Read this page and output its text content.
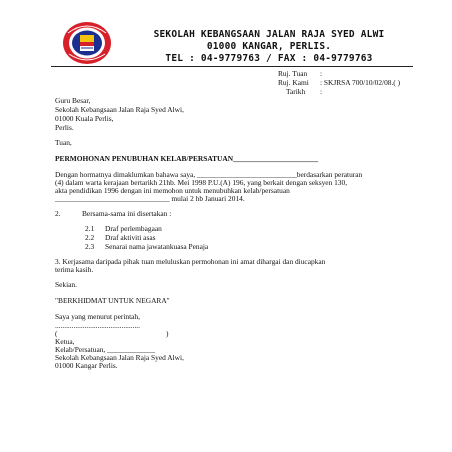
SEKOLAH KEBANGSAAN JALAN RAJA SYED ALWI
01000 KANGAR, PERLIS.
TEL : 04-9779763 / FAX : 04-9779763
Ruj. Tuan :
Ruj. Kami : SKJRSA 700/10/02/08.( )
Tarikh :
Guru Besar,
Sekolah Kebangsaan Jalan Raja Syed Alwi,
01000 Kuala Perlis,
Perlis.
Tuan,
PERMOHONAN PENUBUHAN KELAB/PERSATUAN_______________________
Dengan hormatnya dimaklumkan bahawa saya, ___________________________berdasarkan peraturan
(4) dalam warta kerajaan bertarikh 21hb. Mei 1998 P.U.(A) 196, yang berkait dengan seksyen 130,
akta pendidikan 1996 dengan ini memohon untuk menubuhkan kelab/persatuan
_______________________________ mulai 2 hb Januari 2014.
2.	Bersama-sama ini disertakan :
2.1 Draf perlembagaan
2.2 Draf aktiviti asas
2.3 Senarai nama jawatankuasa Penaja
3. Kerjasama daripada pihak tuan meluluskan permohonan ini amat dihargai dan diucapkan
terima kasih.
Sekian.
"BERKHIDMAT UNTUK NEGARA"
Saya yang menurut perintah,
..............................................
(	)
Ketua,
Kelab/Persatuan, _____________
Sekolah Kebangsaan Jalan Raja Syed Alwi,
01000 Kangar Perlis.
